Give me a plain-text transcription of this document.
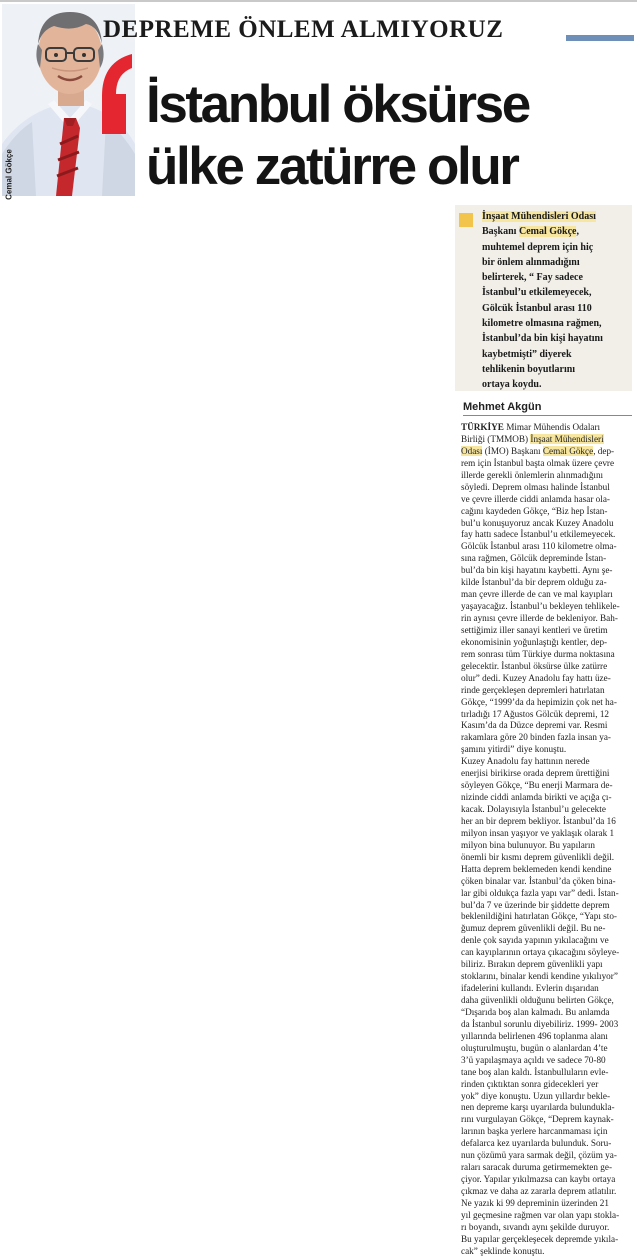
Cemal Gökçe
DEPREME ÖNLEM ALMIYORUZ
İstanbul öksürse
ülke zatürre olur
İnşaat Mühendisleri Odası
Başkanı Cemal Gökçe,
muhtemel deprem için hiç
bir önlem alınmadığını
belirterek, “ Fay sadece
İstanbul’u etkilemeyecek,
Gölcük İstanbul arası 110
kilometre olmasına rağmen,
İstanbul’da bin kişi hayatını
kaybetmişti” diyerek
tehlikenin boyutlarını
ortaya koydu.
Mehmet Akgün
TÜRKİYE Mimar Mühendis Odaları
Birliği (TMMOB) İnşaat Mühendisleri
Odası (İMO) Başkanı Cemal Gökçe, dep-
rem için İstanbul başta olmak üzere çevre
illerde gerekli önlemlerin alınmadığını
söyledi. Deprem olması halinde İstanbul
ve çevre illerde ciddi anlamda hasar ola-
cağını kaydeden Gökçe, “Biz hep İstan-
bul’u konuşuyoruz ancak Kuzey Anadolu
fay hattı sadece İstanbul’u etkilemeyecek.
Gölcük İstanbul arası 110 kilometre olma-
sına rağmen, Gölcük depreminde İstan-
bul’da bin kişi hayatını kaybetti. Aynı şe-
kilde İstanbul’da bir deprem olduğu za-
man çevre illerde de can ve mal kayıpları
yaşayacağız. İstanbul’u bekleyen tehlikele-
rin aynısı çevre illerde de bekleniyor. Bah-
settiğimiz iller sanayi kentleri ve üretim
ekonomisinin yoğunlaştığı kentler, dep-
rem sonrası tüm Türkiye durma noktasına
gelecektir. İstanbul öksürse ülke zatürre
olur” dedi. Kuzey Anadolu fay hattı üze-
rinde gerçekleşen depremleri hatırlatan
Gökçe, “1999’da da hepimizin çok net ha-
tırladığı 17 Ağustos Gölcük depremi, 12
Kasım’da da Düzce depremi var. Resmi
rakamlara göre 20 binden fazla insan ya-
şamını yitirdi” diye konuştu.
Kuzey Anadolu fay hattının nerede
enerjisi birikirse orada deprem ürettiğini
söyleyen Gökçe, “Bu enerji Marmara de-
nizinde ciddi anlamda birikti ve açığa çı-
kacak. Dolayısıyla İstanbul’u gelecekte
her an bir deprem bekliyor. İstanbul’da 16
milyon insan yaşıyor ve yaklaşık olarak 1
milyon bina bulunuyor. Bu yapıların
önemli bir kısmı deprem güvenlikli değil.
Hatta deprem beklemeden kendi kendine
çöken binalar var. İstanbul’da çöken bina-
lar gibi oldukça fazla yapı var” dedi. İstan-
bul’da 7 ve üzerinde bir şiddette deprem
beklenildiğini hatırlatan Gökçe, “Yapı sto-
ğumuz deprem güvenlikli değil. Bu ne-
denle çok sayıda yapının yıkılacağını ve
can kayıplarının ortaya çıkacağını söyleye-
biliriz. Bırakın deprem güvenlikli yapı
stoklarını, binalar kendi kendine yıkılıyor”
ifadelerini kullandı. Evlerin dışarıdan
daha güvenlikli olduğunu belirten Gökçe,
“Dışarıda boş alan kalmadı. Bu anlamda
da İstanbul sorunlu diyebiliriz. 1999- 2003
yıllarında belirlenen 496 toplanma alanı
oluşturulmuştu, bugün o alanlardan 4’te
3’ü yapılaşmaya açıldı ve sadece 70-80
tane boş alan kaldı. İstanbulluların evle-
rinden çıktıktan sonra gidecekleri yer
yok” diye konuştu. Uzun yıllardır bekle-
nen depreme karşı uyarılarda bulundukla-
rını vurgulayan Gökçe, “Deprem kaynak-
larının başka yerlere harcanmaması için
defalarca kez uyarılarda bulunduk. Soru-
nun çözümü yara sarmak değil, çözüm ya-
raları saracak duruma getirmemekten ge-
çiyor. Yapılar yıkılmazsa can kaybı ortaya
çıkmaz ve daha az zararla deprem atlatılır.
Ne yazık ki 99 depreminin üzerinden 21
yıl geçmesine rağmen var olan yapı stokla-
rı boyandı, sıvandı aynı şekilde duruyor.
Bu yapılar gerçekleşecek depremde yıkıla-
cak” şeklinde konuştu.
